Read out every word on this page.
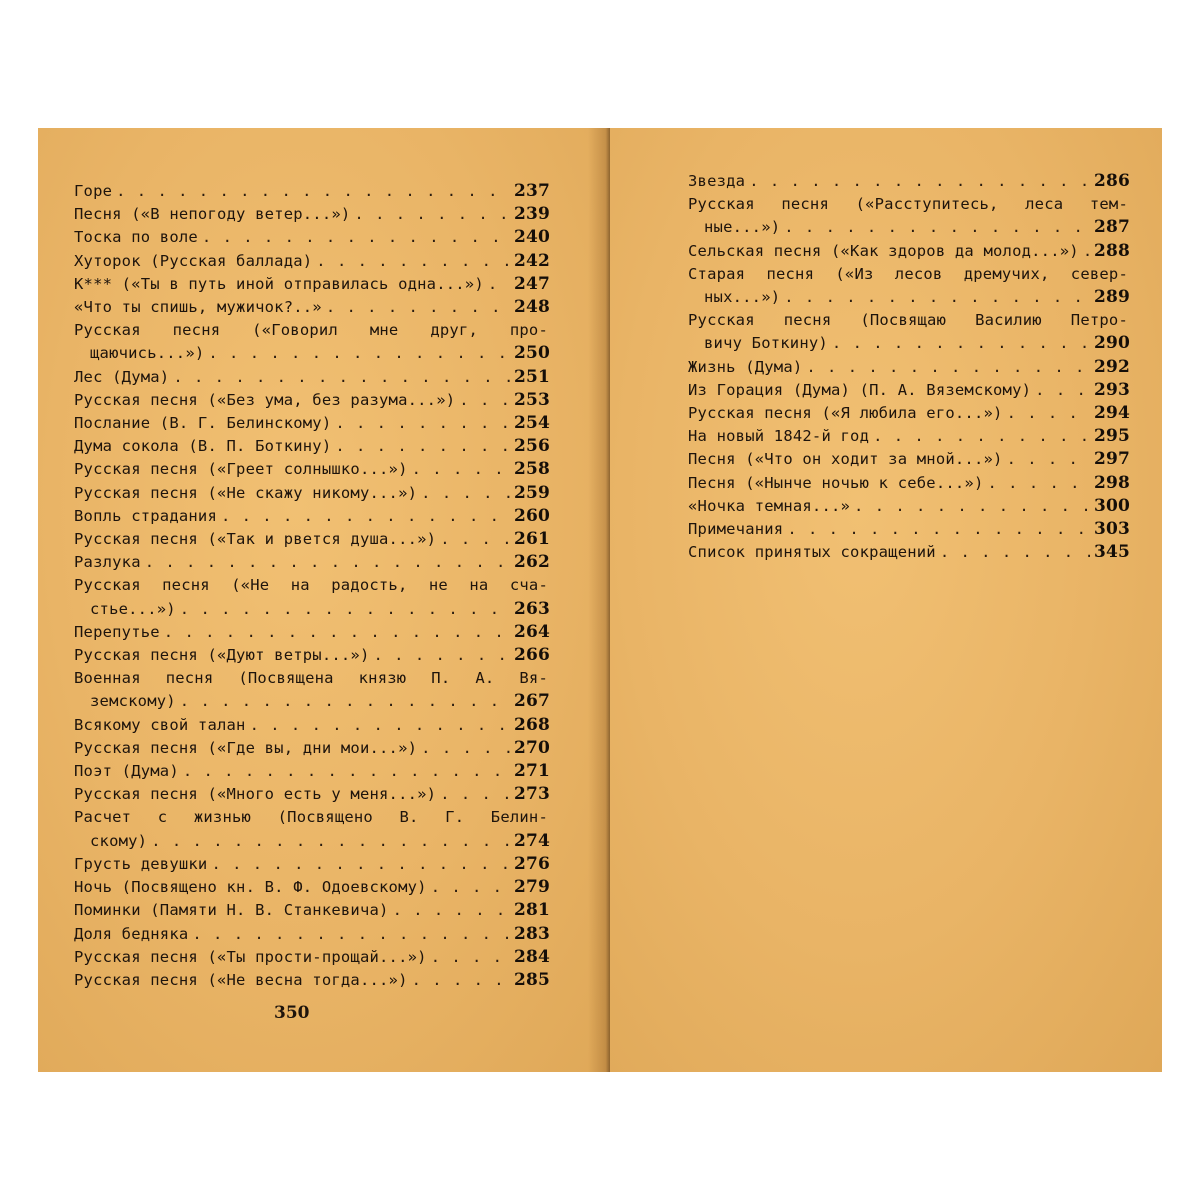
Горе . . .	237
Песня («В непогоду ветер...») . . .	239
Тоска по воле . . .	240
Хуторок (Русская баллада) . . .	242
К*** («Ты в путь иной отправилась одна...») . . . 247
«Что ты спишь, мужичок?..» . . .	248
Русская песня («Говорил мне друг, про-
щаючись...») . . .	250
Лес (Дума) . . .	251
Русская песня («Без ума, без разума...») . . .	253
Послание (В. Г. Белинскому) . . .	254
Дума сокола (В. П. Боткину) . . .	256
Русская песня («Греет солнышко...») . . .	258
Русская песня («Не скажу никому...») . . .	259
Вопль страдания . . .	260
Русская песня («Так и рвется душа...») . . .	261
Разлука . . .	262
Русская песня («Не на радость, не на сча-
стье...») . . .	263
Перепутье . . .	264
Русская песня («Дуют ветры...») . . .	266
Военная песня (Посвящена князю П. А. Вя-
земскому) . . .	267
Всякому свой талан . . .	268
Русская песня («Где вы, дни мои...») . . .	270
Поэт (Дума) . . .	271
Русская песня («Много есть у меня...») . . .	273
Расчет с жизнью (Посвящено В. Г. Белин-
скому) . . .	274
Грусть девушки . . .	276
Ночь (Посвящено кн. В. Ф. Одоевскому) . . .	279
Поминки (Памяти Н. В. Станкевича) . . .	281
Доля бедняка . . .	283
Русская песня («Ты прости-прощай...») . . .	284
Русская песня («Не весна тогда...») . . .	285
350
Звезда . . .	286
Русская песня («Расступитесь, леса тем-
ные...») . . .	287
Сельская песня («Как здоров да молод...») . . . 288
Старая песня («Из лесов дремучих, север-
ных...») . . .	289
Русская песня (Посвящаю Василию Петро-
вичу Боткину) . . .	290
Жизнь (Дума) . . .	292
Из Горация (Дума) (П. А. Вяземскому) . . .	293
Русская песня («Я любила его...») . . .	294
На новый 1842-й год . . .	295
Песня («Что он ходит за мной...») . . .	297
Песня («Нынче ночью к себе...») . . .	298
«Ночка темная...» . . .	300
Примечания . . .	303
Список принятых сокращений . . .	345
